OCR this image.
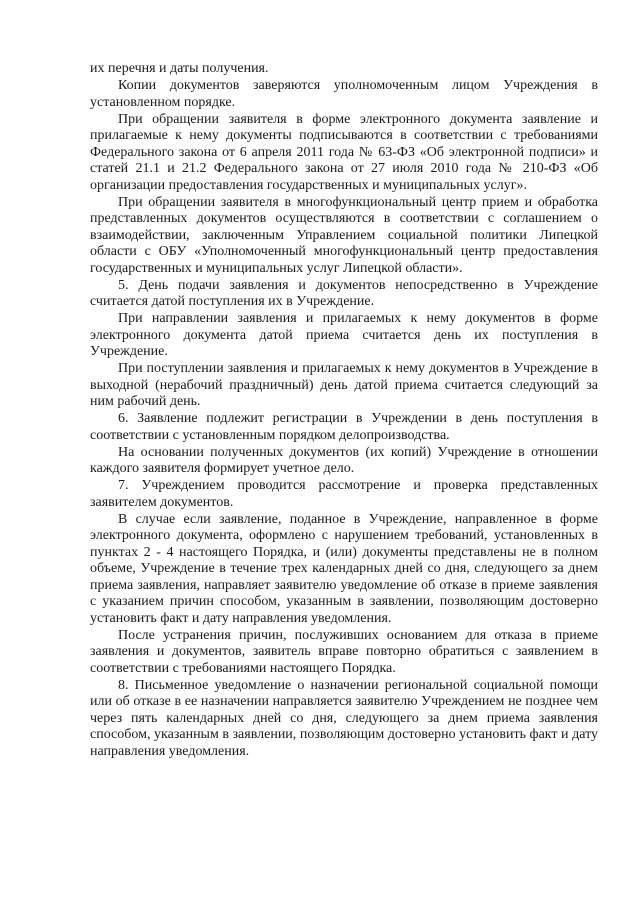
их перечня и даты получения.

Копии документов заверяются уполномоченным лицом Учреждения в установленном порядке.

При обращении заявителя в форме электронного документа заявление и прилагаемые к нему документы подписываются в соответствии с требованиями Федерального закона от 6 апреля 2011 года № 63-ФЗ «Об электронной подписи» и статей 21.1 и 21.2 Федерального закона от 27 июля 2010 года № 210-ФЗ «Об организации предоставления государственных и муниципальных услуг».

При обращении заявителя в многофункциональный центр прием и обработка представленных документов осуществляются в соответствии с соглашением о взаимодействии, заключенным Управлением социальной политики Липецкой области с ОБУ «Уполномоченный многофункциональный центр предоставления государственных и муниципальных услуг Липецкой области».

5. День подачи заявления и документов непосредственно в Учреждение считается датой поступления их в Учреждение.

При направлении заявления и прилагаемых к нему документов в форме электронного документа датой приема считается день их поступления в Учреждение.

При поступлении заявления и прилагаемых к нему документов в Учреждение в выходной (нерабочий праздничный) день датой приема считается следующий за ним рабочий день.

6. Заявление подлежит регистрации в Учреждении в день поступления в соответствии с установленным порядком делопроизводства.

На основании полученных документов (их копий) Учреждение в отношении каждого заявителя формирует учетное дело.

7. Учреждением проводится рассмотрение и проверка представленных заявителем документов.

В случае если заявление, поданное в Учреждение, направленное в форме электронного документа, оформлено с нарушением требований, установленных в пунктах 2 - 4 настоящего Порядка, и (или) документы представлены не в полном объеме, Учреждение в течение трех календарных дней со дня, следующего за днем приема заявления, направляет заявителю уведомление об отказе в приеме заявления с указанием причин способом, указанным в заявлении, позволяющим достоверно установить факт и дату направления уведомления.

После устранения причин, послуживших основанием для отказа в приеме заявления и документов, заявитель вправе повторно обратиться с заявлением в соответствии с требованиями настоящего Порядка.

8. Письменное уведомление о назначении региональной социальной помощи или об отказе в ее назначении направляется заявителю Учреждением не позднее чем через пять календарных дней со дня, следующего за днем приема заявления способом, указанным в заявлении, позволяющим достоверно установить факт и дату направления уведомления.
